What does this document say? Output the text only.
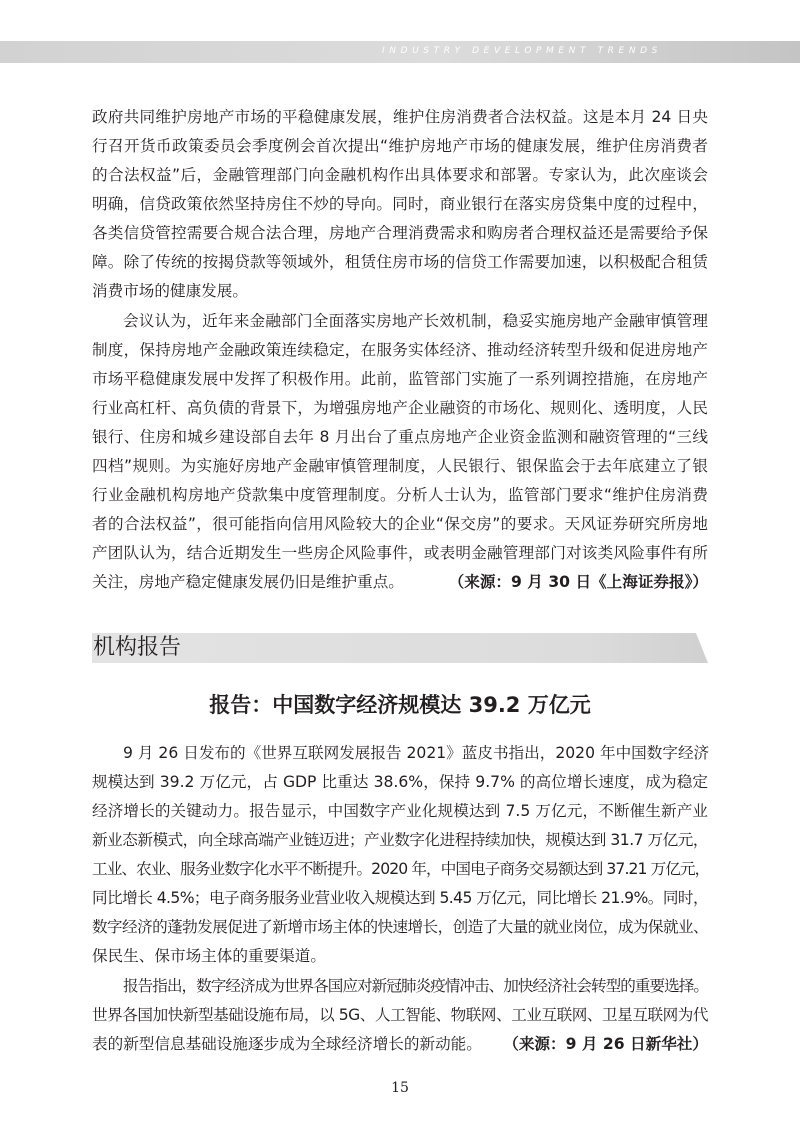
INDUSTRY DEVELOPMENT TRENDS
政府共同维护房地产市场的平稳健康发展，维护住房消费者合法权益。这是本月 24 日央
行召开货币政策委员会季度例会首次提出“维护房地产市场的健康发展，维护住房消费者
的合法权益”后，金融管理部门向金融机构作出具体要求和部署。专家认为，此次座谈会
明确，信贷政策依然坚持房住不炒的导向。同时，商业银行在落实房贷集中度的过程中，
各类信贷管控需要合规合法合理，房地产合理消费需求和购房者合理权益还是需要给予保
障。除了传统的按揭贷款等领域外，租赁住房市场的信贷工作需要加速，以积极配合租赁
消费市场的健康发展。
会议认为，近年来金融部门全面落实房地产长效机制，稳妥实施房地产金融审慎管理
制度，保持房地产金融政策连续稳定，在服务实体经济、推动经济转型升级和促进房地产
市场平稳健康发展中发挥了积极作用。此前，监管部门实施了一系列调控措施，在房地产
行业高杠杆、高负债的背景下，为增强房地产企业融资的市场化、规则化、透明度，人民
银行、住房和城乡建设部自去年 8 月出台了重点房地产企业资金监测和融资管理的“三线
四档”规则。为实施好房地产金融审慎管理制度，人民银行、银保监会于去年底建立了银
行业金融机构房地产贷款集中度管理制度。分析人士认为，监管部门要求“维护住房消费
者的合法权益”，很可能指向信用风险较大的企业“保交房”的要求。天风证券研究所房地
产团队认为，结合近期发生一些房企风险事件，或表明金融管理部门对该类风险事件有所
关注，房地产稳定健康发展仍旧是维护重点。	（来源：9 月 30 日《上海证券报》）
机构报告
报告：中国数字经济规模达 39.2 万亿元
9 月 26 日发布的《世界互联网发展报告 2021》蓝皮书指出，2020 年中国数字经济
规模达到 39.2 万亿元，占 GDP 比重达 38.6%，保持 9.7% 的高位增长速度，成为稳定
经济增长的关键动力。报告显示，中国数字产业化规模达到 7.5 万亿元，不断催生新产业
新业态新模式，向全球高端产业链迈进；产业数字化进程持续加快，规模达到 31.7 万亿元，
工业、农业、服务业数字化水平不断提升。2020 年，中国电子商务交易额达到 37.21 万亿元，
同比增长 4.5%；电子商务服务业营业收入规模达到 5.45 万亿元，同比增长 21.9%。同时，
数字经济的蓬勃发展促进了新增市场主体的快速增长，创造了大量的就业岗位，成为保就业、
保民生、保市场主体的重要渠道。
报告指出，数字经济成为世界各国应对新冠肺炎疫情冲击、加快经济社会转型的重要选择。
世界各国加快新型基础设施布局，以 5G、人工智能、物联网、工业互联网、卫星互联网为代
表的新型信息基础设施逐步成为全球经济增长的新动能。 （来源：9 月 26 日新华社）
15
